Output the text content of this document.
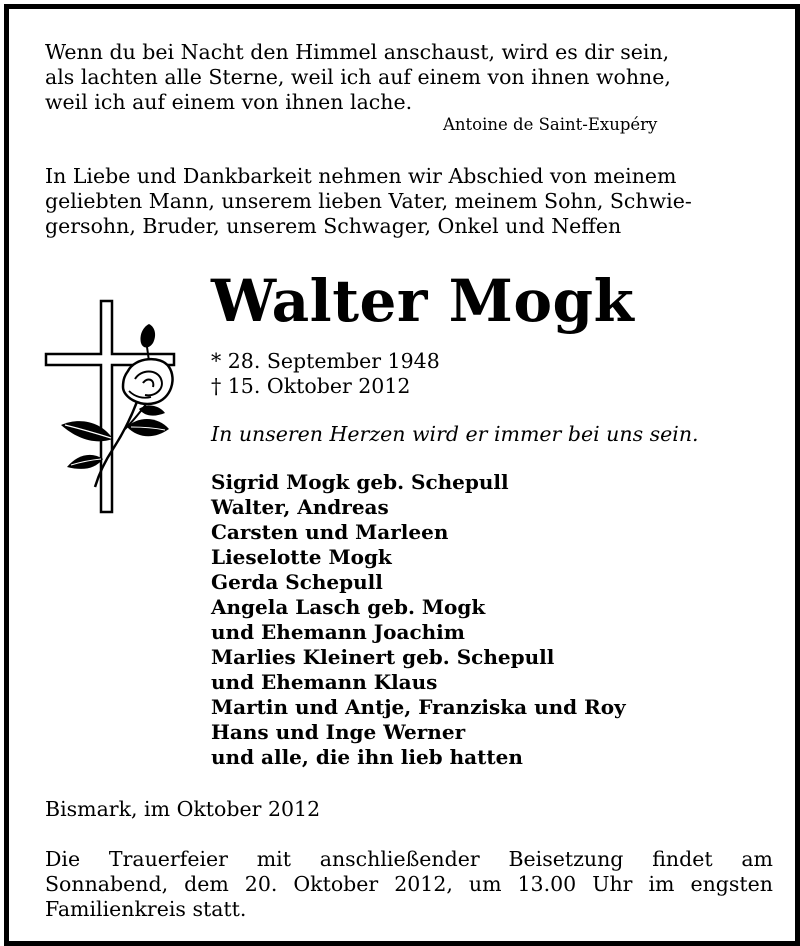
Wenn du bei Nacht den Himmel anschaust, wird es dir sein,
als lachten alle Sterne, weil ich auf einem von ihnen wohne,
weil ich auf einem von ihnen lache.

Antoine de Saint-Exupéry

In Liebe und Dankbarkeit nehmen wir Abschied von meinem
geliebten Mann, unserem lieben Vater, meinem Sohn, Schwie-
gersohn, Bruder, unserem Schwager, Onkel und Neffen

Walter Mogk

* 28. September 1948
† 15. Oktober 2012

In unseren Herzen wird er immer bei uns sein.

Sigrid Mogk geb. Schepull
Walter, Andreas
Carsten und Marleen
Lieselotte Mogk
Gerda Schepull
Angela Lasch geb. Mogk
und Ehemann Joachim
Marlies Kleinert geb. Schepull
und Ehemann Klaus
Martin und Antje, Franziska und Roy
Hans und Inge Werner
und alle, die ihn lieb hatten

Bismark, im Oktober 2012

Die Trauerfeier mit anschließender Beisetzung findet am
Sonnabend, dem 20. Oktober 2012, um 13.00 Uhr im engsten
Familienkreis statt.
